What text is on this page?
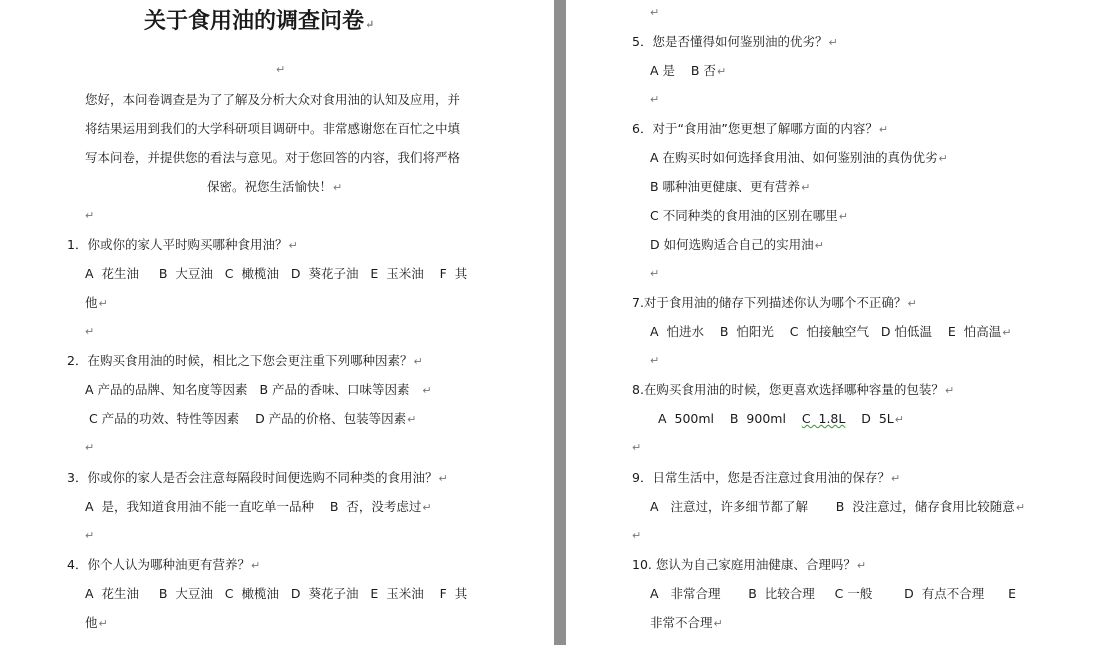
关于食用油的调查问卷↵
↵
您好，本问卷调查是为了了解及分析大众对食用油的认知及应用，并
将结果运用到我们的大学科研项目调研中。非常感谢您在百忙之中填
写本问卷，并提供您的看法与意见。对于您回答的内容，我们将严格
保密。祝您生活愉快！↵
↵
1．你或你的家人平时购买哪种食用油？↵
A  花生油     B  大豆油   C  橄榄油   D  葵花子油   E  玉米油    F  其
他↵
↵
2．在购买食用油的时候，相比之下您会更注重下列哪种因素？↵
A 产品的品牌、知名度等因素   B 产品的香味、口味等因素   ↵
C 产品的功效、特性等因素    D 产品的价格、包装等因素↵
↵
3．你或你的家人是否会注意每隔段时间便选购不同种类的食用油？↵
A  是，我知道食用油不能一直吃单一品种    B  否，没考虑过↵
↵
4．你个人认为哪种油更有营养？↵
A  花生油     B  大豆油   C  橄榄油   D  葵花子油   E  玉米油    F  其
他↵
↵
5．您是否懂得如何鉴别油的优劣？↵
A 是    B 否↵
↵
6．对于“食用油”您更想了解哪方面的内容？↵
A 在购买时如何选择食用油、如何鉴别油的真伪优劣↵
B 哪种油更健康、更有营养↵
C 不同种类的食用油的区别在哪里↵
D 如何选购适合自己的实用油↵
↵
7.对于食用油的储存下列描述你认为哪个不正确？↵
A  怕进水    B  怕阳光    C  怕接触空气   D 怕低温    E  怕高温↵
↵
8.在购买食用油的时候，您更喜欢选择哪种容量的包装？↵
A  500ml    B  900ml    C  1.8L    D  5L↵
↵
9．日常生活中，您是否注意过食用油的保存？↵
A   注意过，许多细节都了解       B  没注意过，储存食用比较随意↵
↵
10. 您认为自己家庭用油健康、合理吗？↵
A   非常合理       B  比较合理     C 一般        D  有点不合理      E
非常不合理↵
